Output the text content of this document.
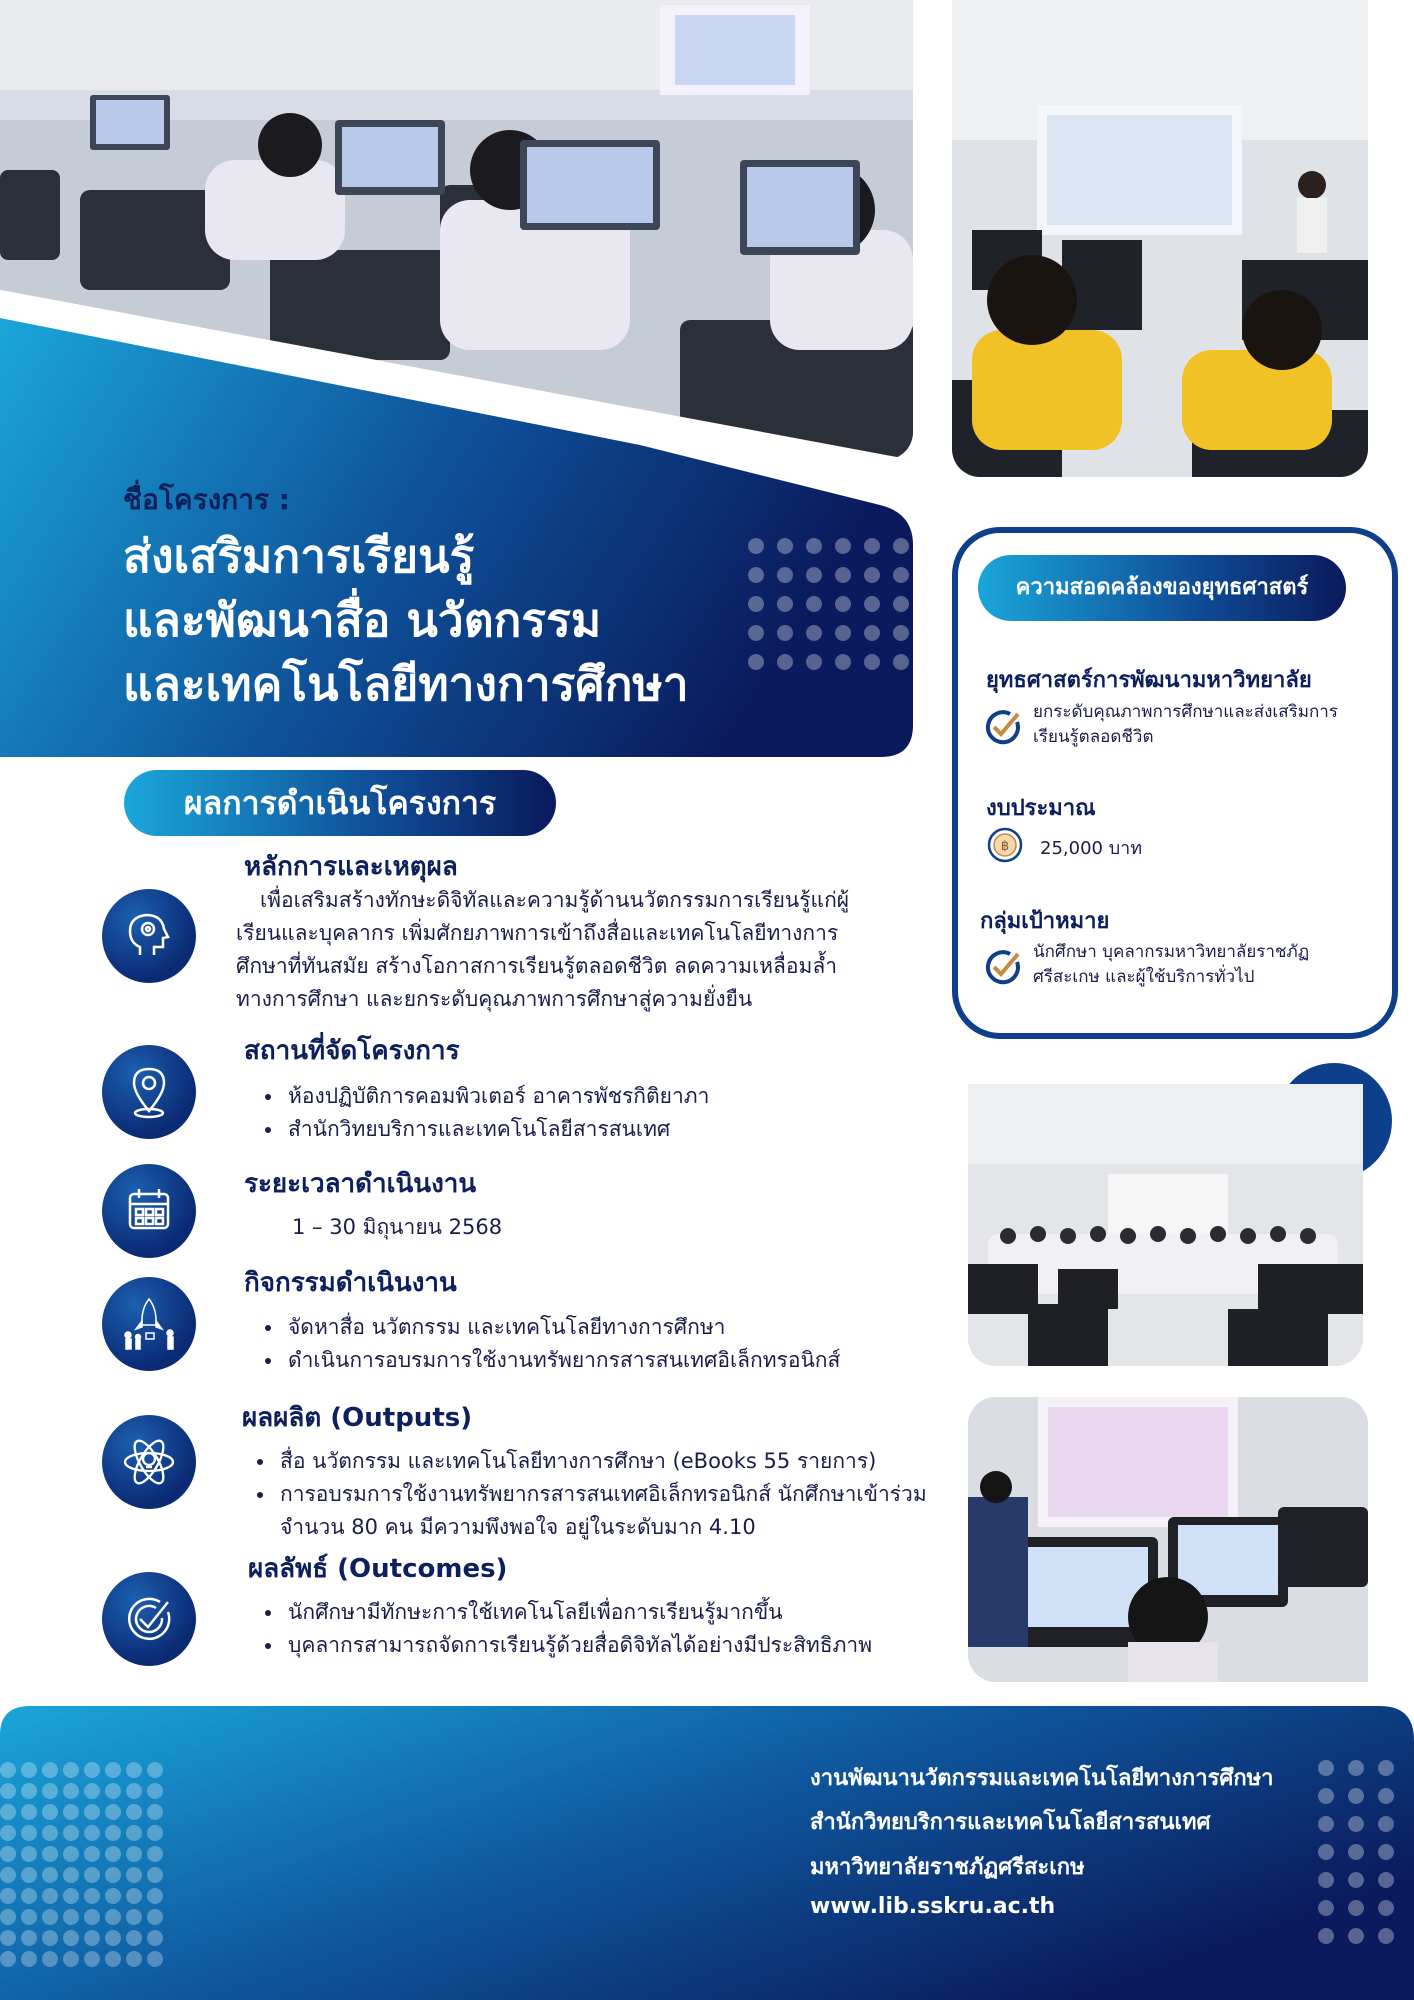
ชื่อโครงการ :
ส่งเสริมการเรียนรู้
และพัฒนาสื่อ นวัตกรรม
และเทคโนโลยีทางการศึกษา
ผลการดำเนินโครงการ
หลักการและเหตุผล
เพื่อเสริมสร้างทักษะดิจิทัลและความรู้ด้านนวัตกรรมการเรียนรู้แก่ผู้
เรียนและบุคลากร เพิ่มศักยภาพการเข้าถึงสื่อและเทคโนโลยีทางการ
ศึกษาที่ทันสมัย สร้างโอกาสการเรียนรู้ตลอดชีวิต ลดความเหลื่อมล้ำ
ทางการศึกษา และยกระดับคุณภาพการศึกษาสู่ความยั่งยืน
สถานที่จัดโครงการ
• ห้องปฏิบัติการคอมพิวเตอร์ อาคารพัชรกิติยาภา
• สำนักวิทยบริการและเทคโนโลยีสารสนเทศ
ระยะเวลาดำเนินงาน
1 – 30 มิถุนายน 2568
กิจกรรมดำเนินงาน
• จัดหาสื่อ นวัตกรรม และเทคโนโลยีทางการศึกษา
• ดำเนินการอบรมการใช้งานทรัพยากรสารสนเทศอิเล็กทรอนิกส์
ผลผลิต (Outputs)
• สื่อ นวัตกรรม และเทคโนโลยีทางการศึกษา (eBooks 55 รายการ)
• การอบรมการใช้งานทรัพยากรสารสนเทศอิเล็กทรอนิกส์ นักศึกษาเข้าร่วม
จำนวน 80 คน มีความพึงพอใจ อยู่ในระดับมาก 4.10
ผลลัพธ์ (Outcomes)
• นักศึกษามีทักษะการใช้เทคโนโลยีเพื่อการเรียนรู้มากขึ้น
• บุคลากรสามารถจัดการเรียนรู้ด้วยสื่อดิจิทัลได้อย่างมีประสิทธิภาพ
ความสอดคล้องของยุทธศาสตร์
ยุทธศาสตร์การพัฒนามหาวิทยาลัย
ยกระดับคุณภาพการศึกษาและส่งเสริมการ
เรียนรู้ตลอดชีวิต
งบประมาณ
฿ 25,000 บาท
กลุ่มเป้าหมาย
นักศึกษา บุคลากรมหาวิทยาลัยราชภัฏ
ศรีสะเกษ และผู้ใช้บริการทั่วไป
งานพัฒนานวัตกรรมและเทคโนโลยีทางการศึกษา
สำนักวิทยบริการและเทคโนโลยีสารสนเทศ
มหาวิทยาลัยราชภัฏศรีสะเกษ
www.lib.sskru.ac.th
